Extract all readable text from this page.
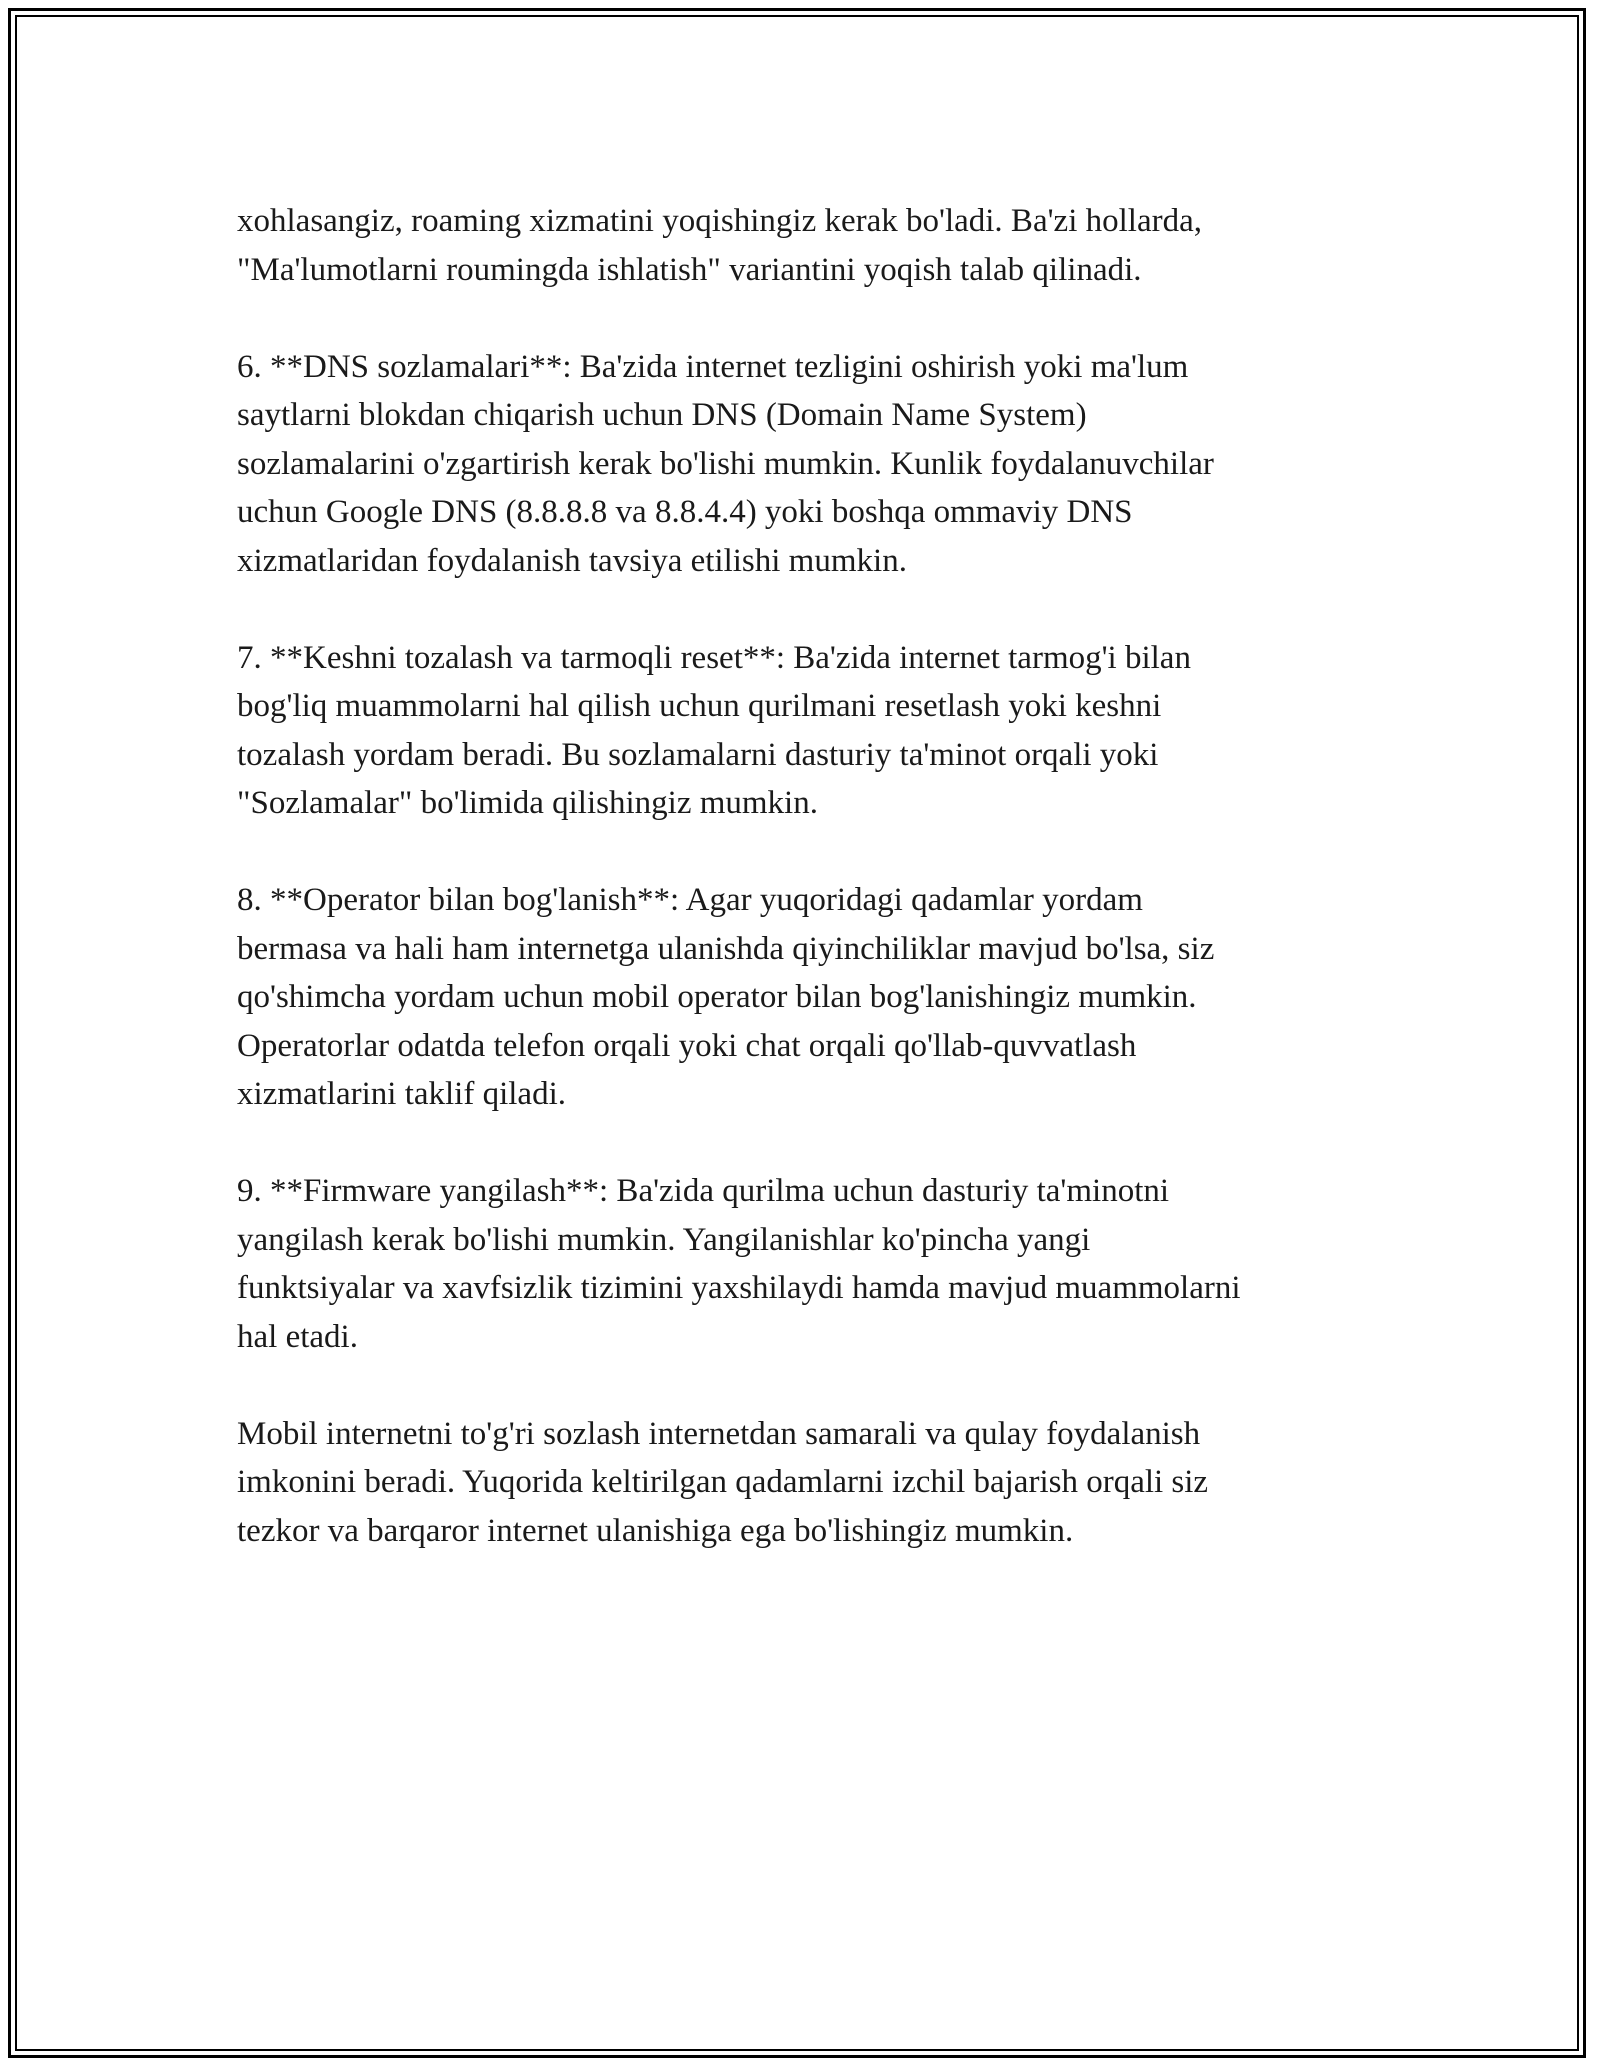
xohlasangiz, roaming xizmatini yoqishingiz kerak bo'ladi. Ba'zi hollarda,
"Ma'lumotlarni roumingda ishlatish" variantini yoqish talab qilinadi.

6. **DNS sozlamalari**: Ba'zida internet tezligini oshirish yoki ma'lum
saytlarni blokdan chiqarish uchun DNS (Domain Name System)
sozlamalarini o'zgartirish kerak bo'lishi mumkin. Kunlik foydalanuvchilar
uchun Google DNS (8.8.8.8 va 8.8.4.4) yoki boshqa ommaviy DNS
xizmatlaridan foydalanish tavsiya etilishi mumkin.

7. **Keshni tozalash va tarmoqli reset**: Ba'zida internet tarmog'i bilan
bog'liq muammolarni hal qilish uchun qurilmani resetlash yoki keshni
tozalash yordam beradi. Bu sozlamalarni dasturiy ta'minot orqali yoki
"Sozlamalar" bo'limida qilishingiz mumkin.

8. **Operator bilan bog'lanish**: Agar yuqoridagi qadamlar yordam
bermasa va hali ham internetga ulanishda qiyinchiliklar mavjud bo'lsa, siz
qo'shimcha yordam uchun mobil operator bilan bog'lanishingiz mumkin.
Operatorlar odatda telefon orqali yoki chat orqali qo'llab-quvvatlash
xizmatlarini taklif qiladi.

9. **Firmware yangilash**: Ba'zida qurilma uchun dasturiy ta'minotni
yangilash kerak bo'lishi mumkin. Yangilanishlar ko'pincha yangi
funktsiyalar va xavfsizlik tizimini yaxshilaydi hamda mavjud muammolarni
hal etadi.

Mobil internetni to'g'ri sozlash internetdan samarali va qulay foydalanish
imkonini beradi. Yuqorida keltirilgan qadamlarni izchil bajarish orqali siz
tezkor va barqaror internet ulanishiga ega bo'lishingiz mumkin.
